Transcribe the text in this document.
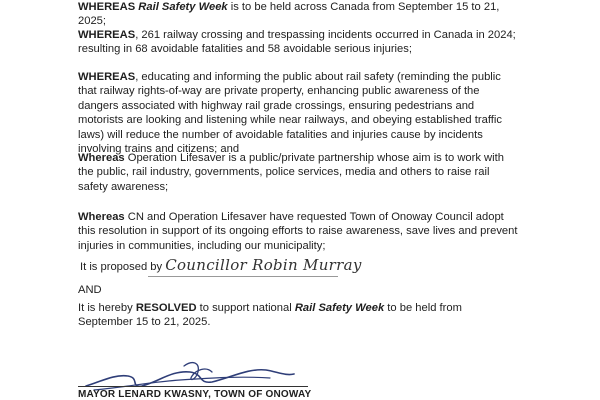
WHEREAS Rail Safety Week is to be held across Canada from September 15 to 21, 2025;

WHEREAS, 261 railway crossing and trespassing incidents occurred in Canada in 2024; resulting in 68 avoidable fatalities and 58 avoidable serious injuries;

WHEREAS, educating and informing the public about rail safety (reminding the public that railway rights-of-way are private property, enhancing public awareness of the dangers associated with highway rail grade crossings, ensuring pedestrians and motorists are looking and listening while near railways, and obeying established traffic laws) will reduce the number of avoidable fatalities and injuries cause by incidents involving trains and citizens; and

Whereas Operation Lifesaver is a public/private partnership whose aim is to work with the public, rail industry, governments, police services, media and others to raise rail safety awareness;

Whereas CN and Operation Lifesaver have requested Town of Onoway Council adopt this resolution in support of its ongoing efforts to raise awareness, save lives and prevent injuries in communities, including our municipality;

It is proposed by Councillor Robin Murray

AND

It is hereby RESOLVED to support national Rail Safety Week to be held from September 15 to 21, 2025.

MAYOR LENARD KWASNY, TOWN OF ONOWAY
